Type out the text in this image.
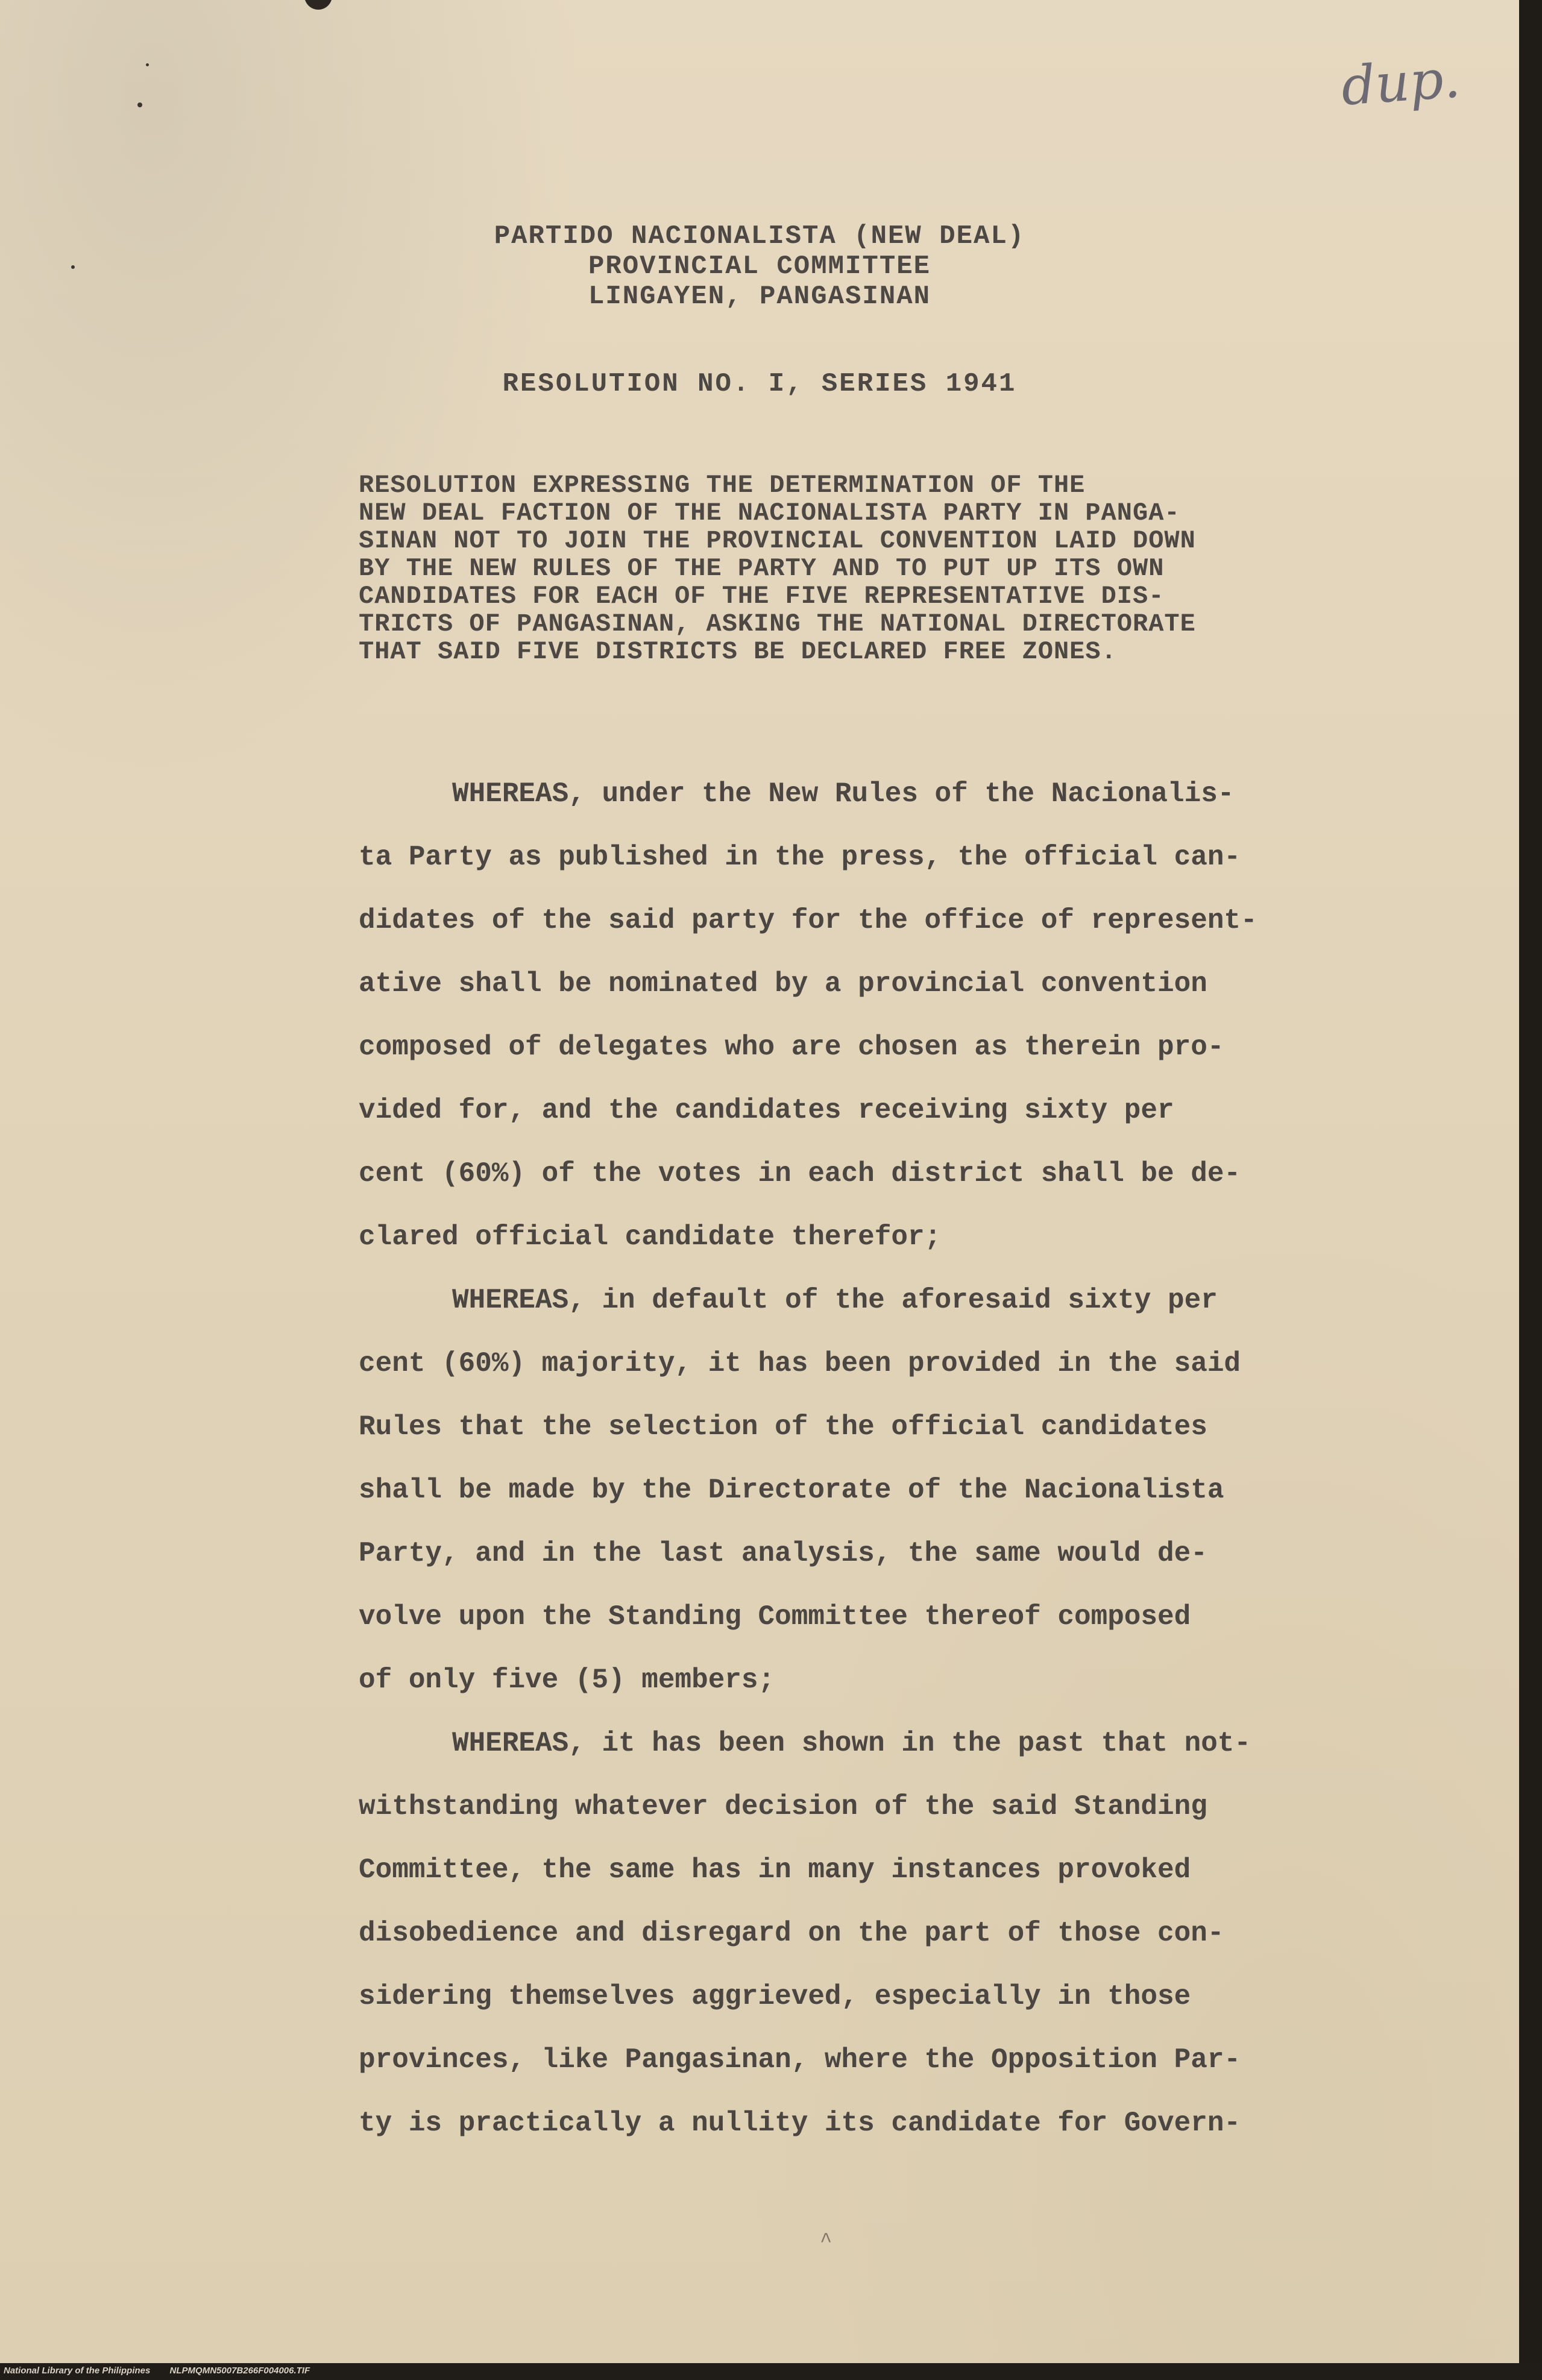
dup.
PARTIDO NACIONALISTA (NEW DEAL)
PROVINCIAL COMMITTEE
LINGAYEN, PANGASINAN
RESOLUTION NO. I, SERIES 1941
RESOLUTION EXPRESSING THE DETERMINATION OF THE
NEW DEAL FACTION OF THE NACIONALISTA PARTY IN PANGA-
SINAN NOT TO JOIN THE PROVINCIAL CONVENTION LAID DOWN
BY THE NEW RULES OF THE PARTY AND TO PUT UP ITS OWN
CANDIDATES FOR EACH OF THE FIVE REPRESENTATIVE DIS-
TRICTS OF PANGASINAN, ASKING THE NATIONAL DIRECTORATE
THAT SAID FIVE DISTRICTS BE DECLARED FREE ZONES.
WHEREAS, under the New Rules of the Nacionalis-
ta Party as published in the press, the official can-
didates of the said party for the office of represent-
ative shall be nominated by a provincial convention
composed of delegates who are chosen as therein pro-
vided for, and the candidates receiving sixty per
cent (60%) of the votes in each district shall be de-
clared official candidate therefor;
WHEREAS, in default of the aforesaid sixty per
cent (60%) majority, it has been provided in the said
Rules that the selection of the official candidates
shall be made by the Directorate of the Nacionalista
Party, and in the last analysis, the same would de-
volve upon the Standing Committee thereof composed
of only five (5) members;
WHEREAS, it has been shown in the past that not-
withstanding whatever decision of the said Standing
Committee, the same has in many instances provoked
disobedience and disregard on the part of those con-
sidering themselves aggrieved, especially in those
provinces, like Pangasinan, where the Opposition Par-
ty is practically a nullity its candidate for Govern-
^
National Library of the Philippines NLPMQMN5007B266F004006.TIF
